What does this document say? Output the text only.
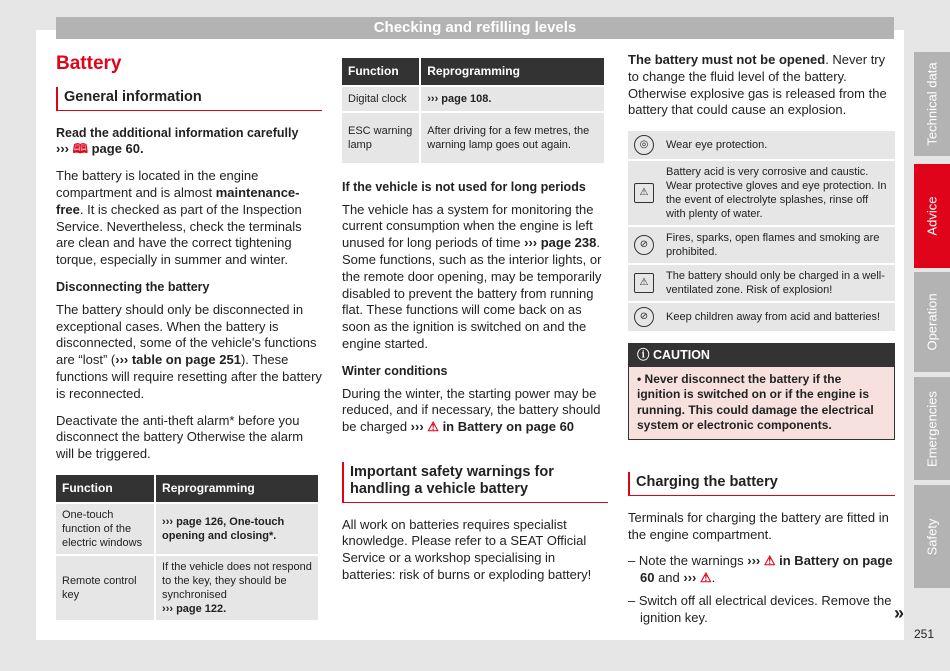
Checking and refilling levels
Technical data
Advice
Operation
Emergencies
Safety
251
Battery
General information
Read the additional information carefully

››› 🕮 page 60.

The battery is located in the engine compartment and is almost maintenance-free. It is checked as part of the Inspection Service. Nevertheless, check the terminals are clean and have the correct tightening torque, especially in summer and winter.

Disconnecting the battery

The battery should only be disconnected in exceptional cases. When the battery is disconnected, some of the vehicle's functions are “lost” (››› table on page 251). These functions will require resetting after the battery is reconnected.

Deactivate the anti-theft alarm* before you disconnect the battery Otherwise the alarm will be triggered.

Function	Reprogramming
One-touch function of the electric windows	››› page 126, One-touch opening and closing*.
Remote control key	If the vehicle does not respond to the key, they should be synchronised
››› page 122.
Function	Reprogramming
Digital clock	››› page 108.
ESC warning lamp	After driving for a few metres, the warning lamp goes out again.
If the vehicle is not used for long periods

The vehicle has a system for monitoring the current consumption when the engine is left unused for long periods of time ››› page 238. Some functions, such as the interior lights, or the remote door opening, may be temporarily disabled to prevent the battery from running flat. These functions will come back on as soon as the ignition is switched on and the engine started.

Winter conditions

During the winter, the starting power may be reduced, and if necessary, the battery should be charged ››› ⚠ in Battery on page 60

Important safety warnings for handling a vehicle battery

All work on batteries requires specialist knowledge. Please refer to a SEAT Official Service or a workshop specialising in batteries: risk of burns or exploding battery!

The battery must not be opened. Never try to change the fluid level of the battery. Otherwise explosive gas is released from the battery that could cause an explosion.

◎	Wear eye protection.
⚠	Battery acid is very corrosive and caustic. Wear protective gloves and eye protection. In the event of electrolyte splashes, rinse off with plenty of water.
⊘	Fires, sparks, open flames and smoking are prohibited.
⚠	The battery should only be charged in a well-ventilated zone. Risk of explosion!
⊘	Keep children away from acid and batteries!
ⓘ CAUTION
• Never disconnect the battery if the ignition is switched on or if the engine is running. This could damage the electrical system or electronic components.
Charging the battery

Terminals for charging the battery are fitted in the engine compartment.

– Note the warnings ››› ⚠ in Battery on page 60 and ››› ⚠.

– Switch off all electrical devices. Remove the ignition key.	»
